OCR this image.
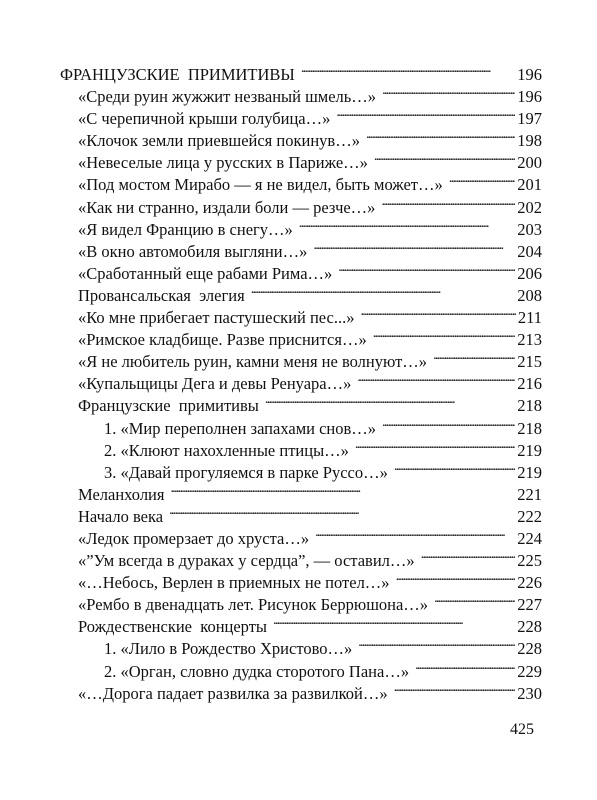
ФРАНЦУЗСКИЕ  ПРИМИТИВЫ . . .	196
«Среди руин жужжит незваный шмель…» . . .	196
«С черепичной крыши голубица…» . . .	197
«Клочок земли приевшейся покинув…» . . .	198
«Невеселые лица у русских в Париже…» . . .	200
«Под мостом Мирабо — я не видел, быть может…» . . .	201
«Как ни странно, издали боли — резче…» . . .	202
«Я видел Францию в снегу…» . . .	203
«В окно автомобиля выгляни…» . . .	204
«Сработанный еще рабами Рима…» . . .	206
Провансальская  элегия . . .	208
«Ко мне прибегает пастушеский пес...» . . .	211
«Римское кладбище. Разве приснится…» . . .	213
«Я не любитель руин, камни меня не волнуют…» . . .	215
«Купальщицы Дега и девы Ренуара…» . . .	216
Французские  примитивы . . .	218
1. «Мир переполнен запахами снов…» . . .	218
2. «Клюют нахохленные птицы…» . . .	219
3. «Давай прогуляемся в парке Руссо…» . . .	219
Меланхолия . . .	221
Начало века . . .	222
«Ледок промерзает до хруста…» . . .	224
«”Ум всегда в дураках у сердца”, — оставил…» . . .	225
«…Небось, Верлен в приемных не потел…» . . .	226
«Рембо в двенадцать лет. Рисунок Беррюшона…» . . .	227
Рождественские  концерты . . .	228
1. «Лило в Рождество Христово…» . . .	228
2. «Орган, словно дудка стоpотого Пана…» . . .	229
«…Дорога падает развилка за развилкой…» . . .	230
425
